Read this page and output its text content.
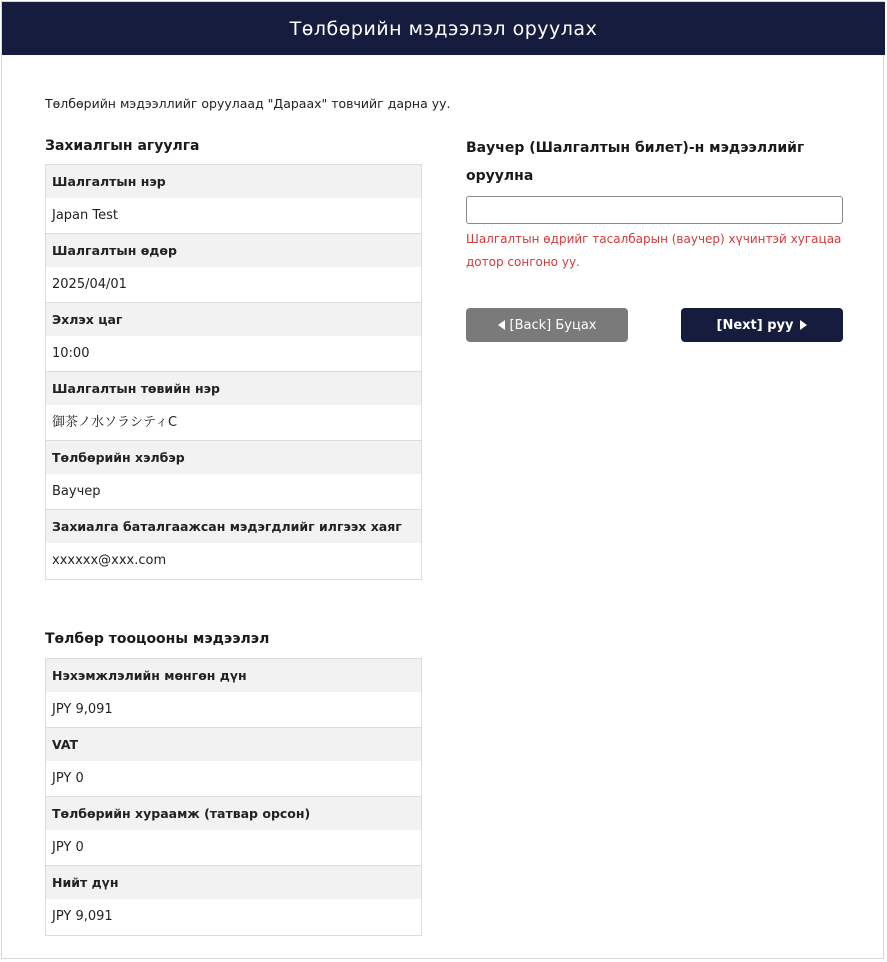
Төлбөрийн мэдээлэл оруулах
Төлбөрийн мэдээллийг оруулаад "Дараах" товчийг дарна уу.
Захиалгын агуулга
Шалгалтын нэр
Japan Test
Шалгалтын өдөр
2025/04/01
Эхлэх цаг
10:00
Шалгалтын төвийн нэр
御茶ノ水ソラシティC
Төлбөрийн хэлбэр
Ваучер
Захиалга баталгаажсан мэдэгдлийг илгээх хаяг
xxxxxx@xxx.com
Төлбөр тооцооны мэдээлэл
Нэхэмжлэлийн мөнгөн дүн
JPY 9,091
VAT
JPY 0
Төлбөрийн хураамж (татвар орсон)
JPY 0
Нийт дүн
JPY 9,091
Ваучер (Шалгалтын билет)-н мэдээллийг оруулна
Шалгалтын өдрийг тасалбарын (ваучер) хүчинтэй хугацаа дотор сонгоно уу.
[Back] Буцах	[Next] руу
